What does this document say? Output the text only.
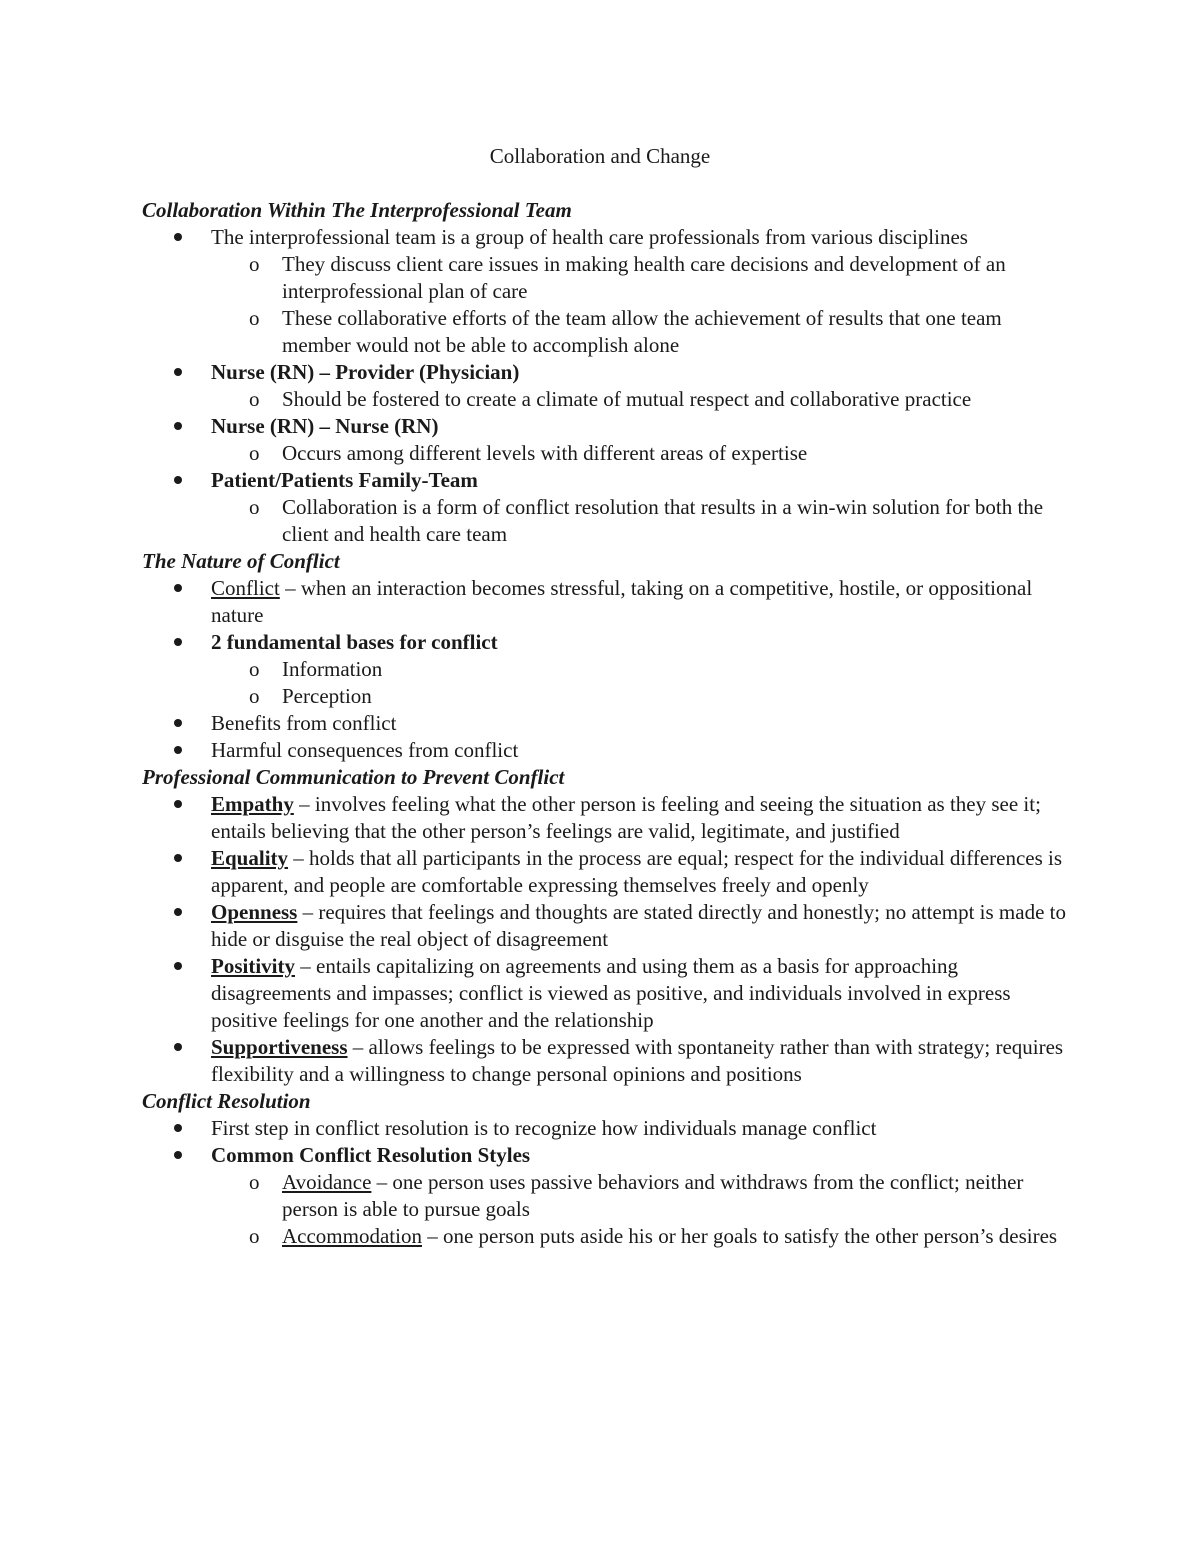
Collaboration and Change

Collaboration Within The Interprofessional Team

The interprofessional team is a group of health care professionals from various disciplines
o They discuss client care issues in making health care decisions and development of an interprofessional plan of care
o These collaborative efforts of the team allow the achievement of results that one team member would not be able to accomplish alone
Nurse (RN) – Provider (Physician)
o Should be fostered to create a climate of mutual respect and collaborative practice
Nurse (RN) – Nurse (RN)
o Occurs among different levels with different areas of expertise
Patient/Patients Family-Team
o Collaboration is a form of conflict resolution that results in a win-win solution for both the client and health care team

The Nature of Conflict

Conflict – when an interaction becomes stressful, taking on a competitive, hostile, or oppositional nature
2 fundamental bases for conflict
o Information
o Perception
Benefits from conflict
Harmful consequences from conflict

Professional Communication to Prevent Conflict

Empathy – involves feeling what the other person is feeling and seeing the situation as they see it; entails believing that the other person’s feelings are valid, legitimate, and justified
Equality – holds that all participants in the process are equal; respect for the individual differences is apparent, and people are comfortable expressing themselves freely and openly
Openness – requires that feelings and thoughts are stated directly and honestly; no attempt is made to hide or disguise the real object of disagreement
Positivity – entails capitalizing on agreements and using them as a basis for approaching disagreements and impasses; conflict is viewed as positive, and individuals involved in express positive feelings for one another and the relationship
Supportiveness – allows feelings to be expressed with spontaneity rather than with strategy; requires flexibility and a willingness to change personal opinions and positions

Conflict Resolution

First step in conflict resolution is to recognize how individuals manage conflict
Common Conflict Resolution Styles
o Avoidance – one person uses passive behaviors and withdraws from the conflict; neither person is able to pursue goals
o Accommodation – one person puts aside his or her goals to satisfy the other person’s desires
